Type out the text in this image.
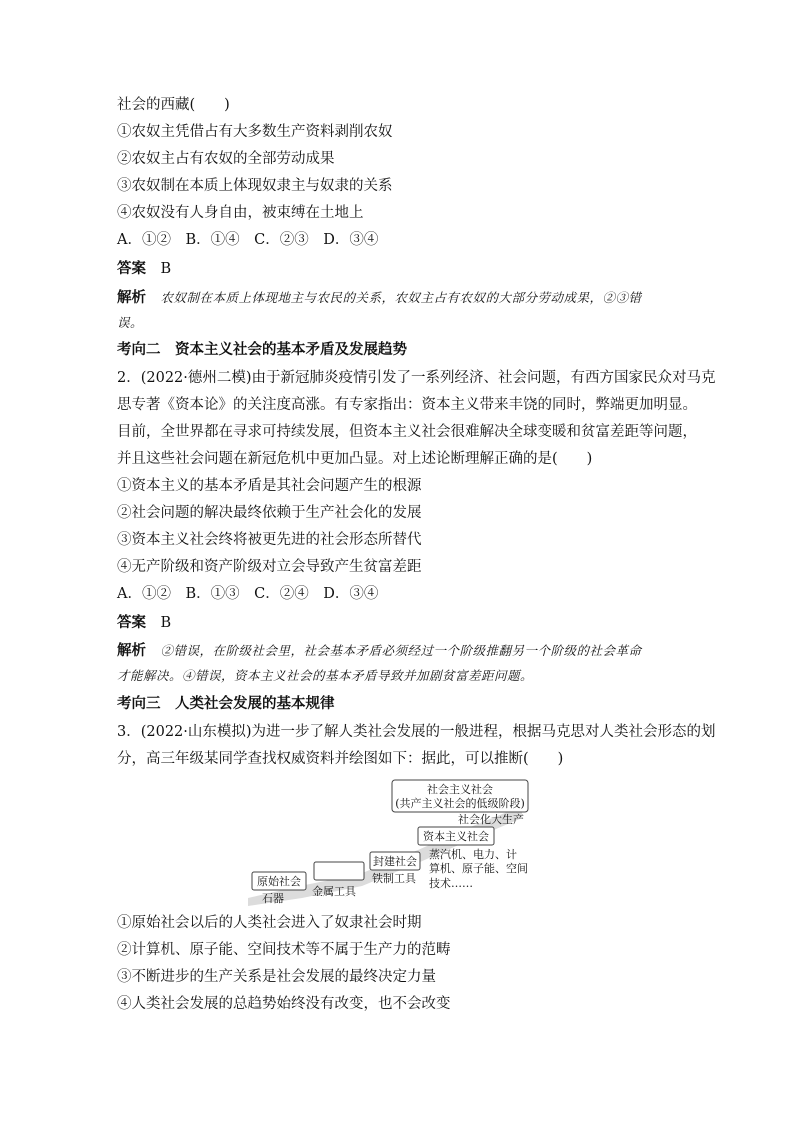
社会的西藏(　　)
①农奴主凭借占有大多数生产资料剥削农奴
②农奴主占有农奴的全部劳动成果
③农奴制在本质上体现奴隶主与奴隶的关系
④农奴没有人身自由，被束缚在土地上
A．①②　B．①④　C．②③　D．③④
答案　 B
解析　 农奴制在本质上体现地主与农民的关系，农奴主占有农奴的大部分劳动成果，②③错
误。
考向二　资本主义社会的基本矛盾及发展趋势
2．(2022·德州二模)由于新冠肺炎疫情引发了一系列经济、社会问题，有西方国家民众对马克
思专著《资本论》的关注度高涨。有专家指出：资本主义带来丰饶的同时，弊端更加明显。
目前，全世界都在寻求可持续发展，但资本主义社会很难解决全球变暖和贫富差距等问题，
并且这些社会问题在新冠危机中更加凸显。对上述论断理解正确的是(　　)
①资本主义的基本矛盾是其社会问题产生的根源
②社会问题的解决最终依赖于生产社会化的发展
③资本主义社会终将被更先进的社会形态所替代
④无产阶级和资产阶级对立会导致产生贫富差距
A．①②　B．①③　C．②④　D．③④
答案　 B
解析　 ②错误，在阶级社会里，社会基本矛盾必须经过一个阶级推翻另一个阶级的社会革命
才能解决。④错误，资本主义社会的基本矛盾导致并加剧贫富差距问题。
考向三　人类社会发展的基本规律
3．(2022·山东模拟)为进一步了解人类社会发展的一般进程，根据马克思对人类社会形态的划
分，高三年级某同学查找权威资料并绘图如下：据此，可以推断(　　)
原始社会
石器
金属工具
封建社会
铁制工具
资本主义社会
蒸汽机、电力、计
算机、原子能、空间
技术……
社会化大生产
社会主义社会
(共产主义社会的低级阶段)
①原始社会以后的人类社会进入了奴隶社会时期
②计算机、原子能、空间技术等不属于生产力的范畴
③不断进步的生产关系是社会发展的最终决定力量
④人类社会发展的总趋势始终没有改变，也不会改变
